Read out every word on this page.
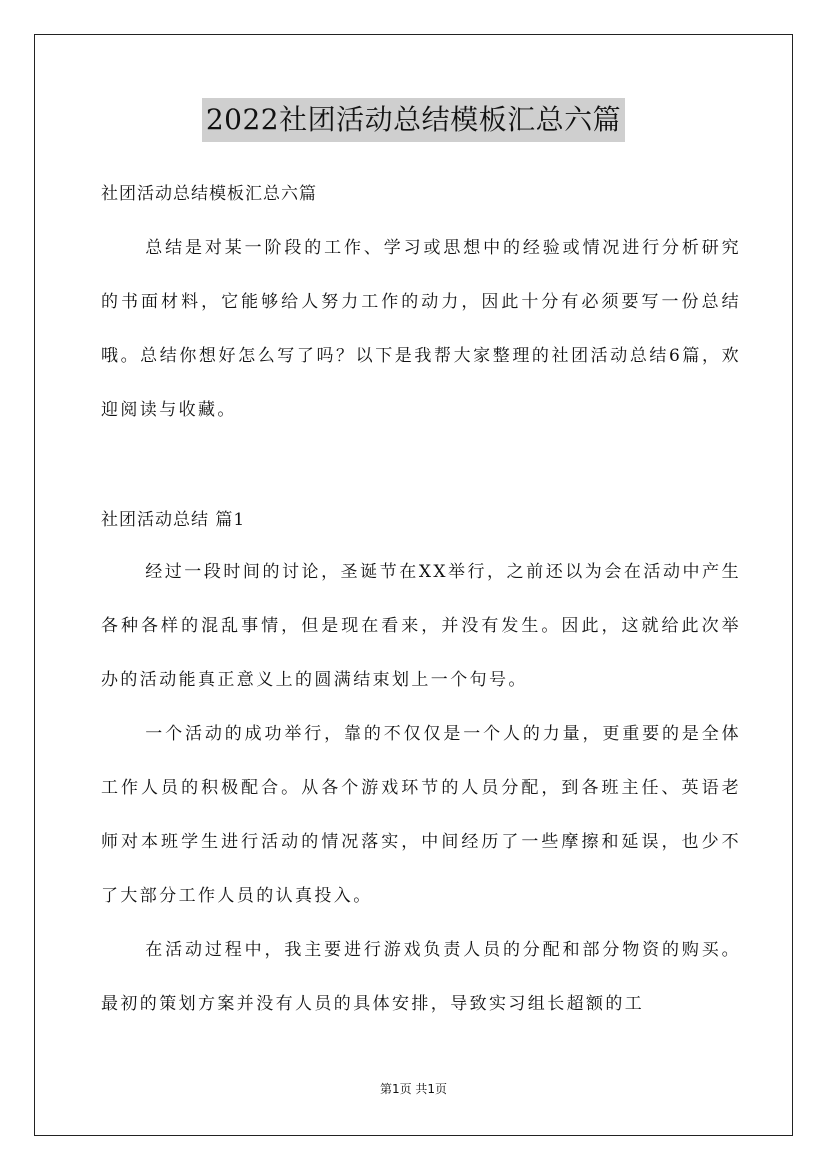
2022社团活动总结模板汇总六篇
社团活动总结模板汇总六篇

总结是对某一阶段的工作、学习或思想中的经验或情况进行分析研究的书面材料，它能够给人努力工作的动力，因此十分有必须要写一份总结哦。总结你想好怎么写了吗？以下是我帮大家整理的社团活动总结6篇，欢迎阅读与收藏。

社团活动总结 篇1

经过一段时间的讨论，圣诞节在XX举行，之前还以为会在活动中产生各种各样的混乱事情，但是现在看来，并没有发生。因此，这就给此次举办的活动能真正意义上的圆满结束划上一个句号。

一个活动的成功举行，靠的不仅仅是一个人的力量，更重要的是全体工作人员的积极配合。从各个游戏环节的人员分配，到各班主任、英语老师对本班学生进行活动的情况落实，中间经历了一些摩擦和延误，也少不了大部分工作人员的认真投入。

在活动过程中，我主要进行游戏负责人员的分配和部分物资的购买。最初的策划方案并没有人员的具体安排，导致实习组长超额的工

第1页 共1页
